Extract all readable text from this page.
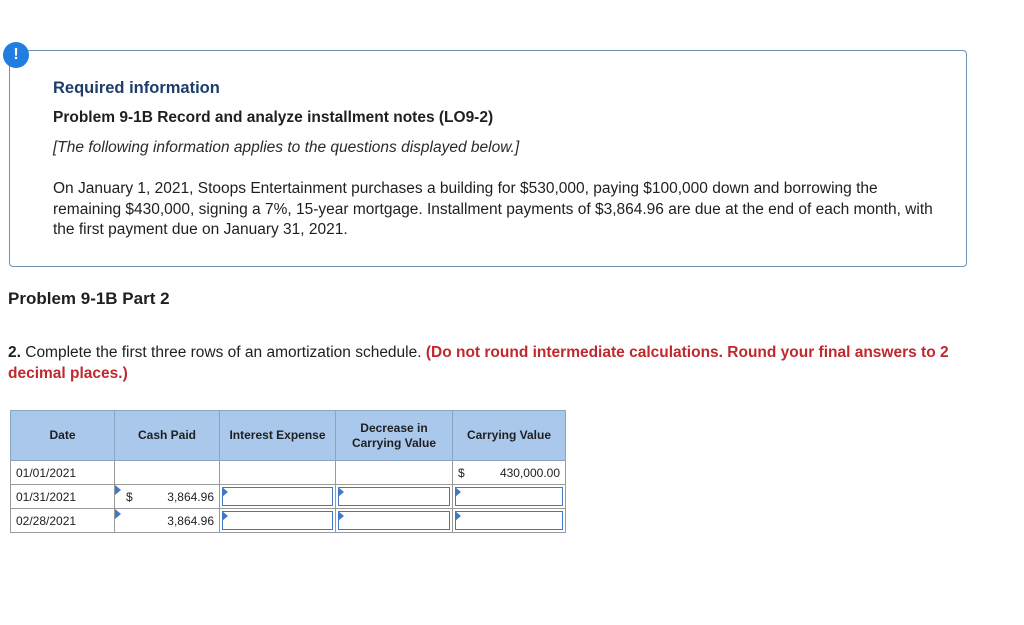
!
Required information
Problem 9-1B Record and analyze installment notes (LO9-2)
[The following information applies to the questions displayed below.]
On January 1, 2021, Stoops Entertainment purchases a building for $530,000, paying $100,000 down and borrowing the remaining $430,000, signing a 7%, 15-year mortgage. Installment payments of $3,864.96 are due at the end of each month, with the first payment due on January 31, 2021.
Problem 9-1B Part 2
2. Complete the first three rows of an amortization schedule. (Do not round intermediate calculations. Round your final answers to 2 decimal places.)
Date	Cash Paid	Interest Expense	Decrease in Carrying Value	Carrying Value
01/01/2021				$ 430,000.00

01/31/2021	$ 3,864.96			

02/28/2021	3,864.96			
